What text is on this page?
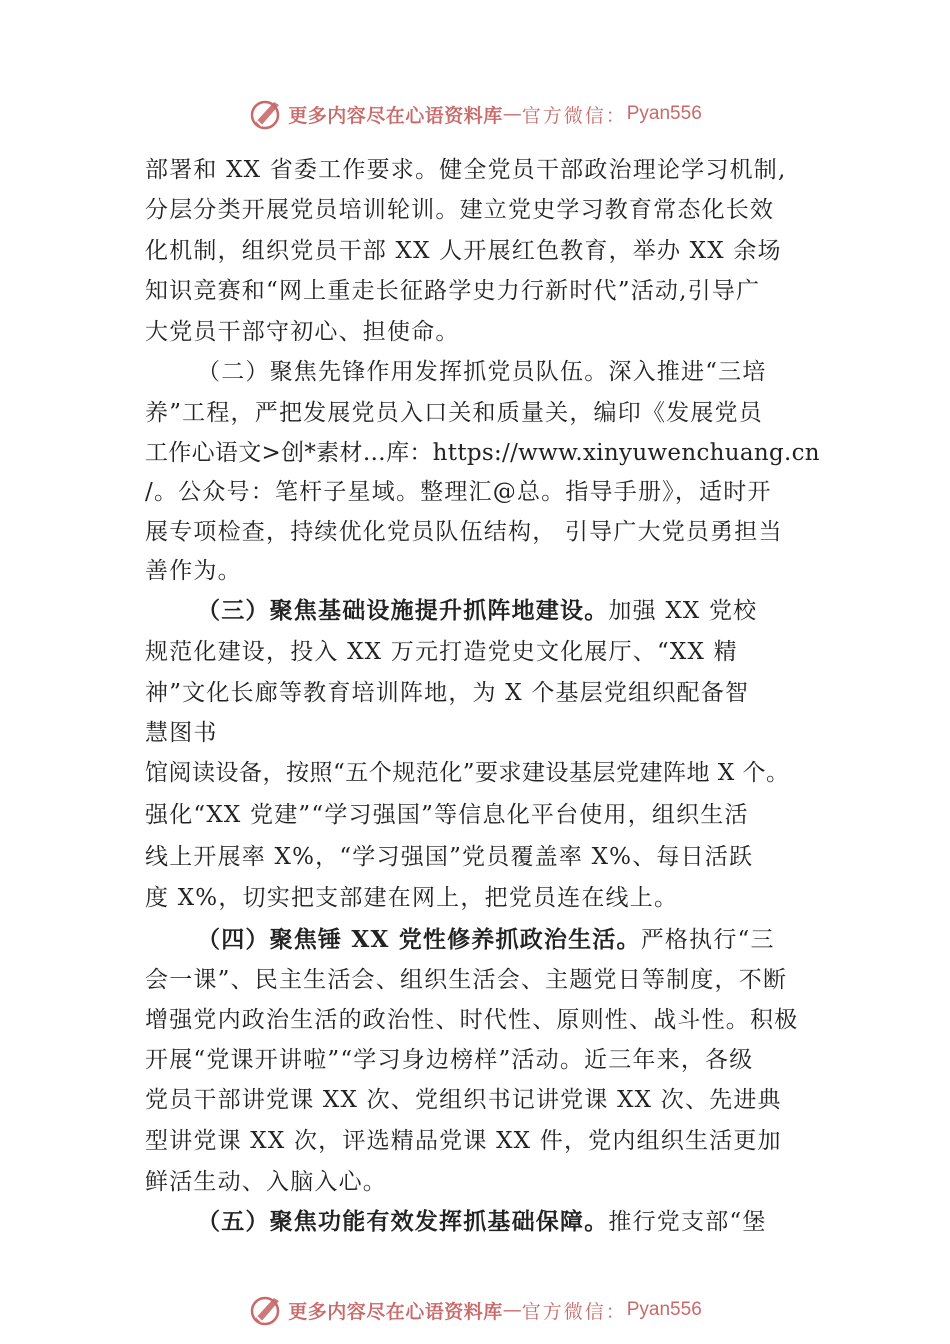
更多内容尽在心语资料库 — 官方微信： Pyan556
部署和 XX 省委工作要求。健全党员干部政治理论学习机制,
分层分类开展党员培训轮训。建立党史学习教育常态化长效
化机制，组织党员干部 XX 人开展红色教育，举办 XX 余场
知识竞赛和“网上重走长征路学史力行新时代”活动,引导广
大党员干部守初心、担使命。
（二）聚焦先锋作用发挥抓党员队伍。深入推进“三培
养”工程，严把发展党员入口关和质量关，编印《发展党员
工作心语文>创*素材…库：https://www.xinyuwenchuang.cn
/。公众号：笔杆子星域。整理汇@总。指导手册》，适时开
展专项检查，持续优化党员队伍结构， 引导广大党员勇担当
善作为。
（三）聚焦基础设施提升抓阵地建设。加强 XX 党校
规范化建设，投入 XX 万元打造党史文化展厅、“XX 精
神”文化长廊等教育培训阵地，为 X 个基层党组织配备智
慧图书
馆阅读设备，按照“五个规范化”要求建设基层党建阵地 X 个。
强化“XX 党建”“学习强国”等信息化平台使用，组织生活
线上开展率 X%，“学习强国”党员覆盖率 X%、每日活跃
度 X%，切实把支部建在网上，把党员连在线上。
（四）聚焦锤 XX 党性修养抓政治生活。严格执行“三
会一课”、民主生活会、组织生活会、主题党日等制度，不断
增强党内政治生活的政治性、时代性、原则性、战斗性。积极
开展“党课开讲啦”“学习身边榜样”活动。近三年来，各级
党员干部讲党课 XX 次、党组织书记讲党课 XX 次、先进典
型讲党课 XX 次，评选精品党课 XX 件，党内组织生活更加
鲜活生动、入脑入心。
（五）聚焦功能有效发挥抓基础保障。推行党支部“堡
更多内容尽在心语资料库 — 官方微信： Pyan556
